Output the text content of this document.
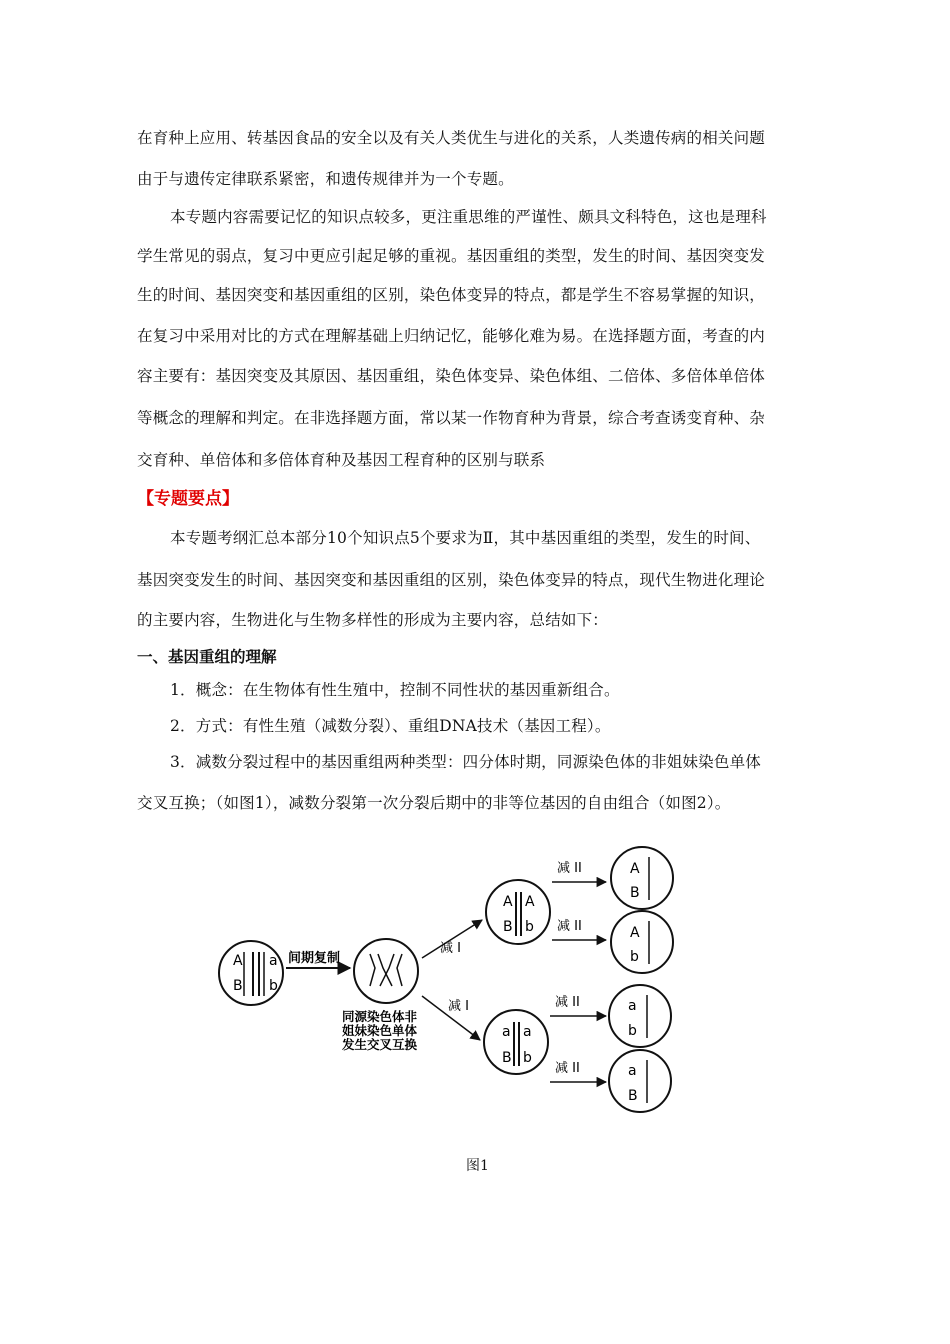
在育种上应用、转基因食品的安全以及有关人类优生与进化的关系，人类遗传病的相关问题
由于与遗传定律联系紧密，和遗传规律并为一个专题。
本专题内容需要记忆的知识点较多，更注重思维的严谨性、颇具文科特色，这也是理科
学生常见的弱点，复习中更应引起足够的重视。基因重组的类型，发生的时间、基因突变发
生的时间、基因突变和基因重组的区别，染色体变异的特点，都是学生不容易掌握的知识，
在复习中采用对比的方式在理解基础上归纳记忆，能够化难为易。在选择题方面，考查的内
容主要有：基因突变及其原因、基因重组，染色体变异、染色体组、二倍体、多倍体单倍体
等概念的理解和判定。在非选择题方面，常以某一作物育种为背景，综合考查诱变育种、杂
交育种、单倍体和多倍体育种及基因工程育种的区别与联系
【专题要点】
本专题考纲汇总本部分10个知识点5个要求为Ⅱ，其中基因重组的类型，发生的时间、
基因突变发生的时间、基因突变和基因重组的区别，染色体变异的特点，现代生物进化理论
的主要内容，生物进化与生物多样性的形成为主要内容，总结如下：
一、基因重组的理解
1．概念：在生物体有性生殖中，控制不同性状的基因重新组合。
2．方式：有性生殖（减数分裂）、重组DNA技术（基因工程）。
3．减数分裂过程中的基因重组两种类型：四分体时期，同源染色体的非姐妹染色单体
交叉互换；（如图1），减数分裂第一次分裂后期中的非等位基因的自由组合（如图2）。
A a
B b
间期复制
同源染色体非
姐妹染色单体
发生交叉互换
减 I
减 I
A A
B b
a a
B b
减 II
减 II
减 II
减 II
A
B
A
b
a
b
a
B
图1
